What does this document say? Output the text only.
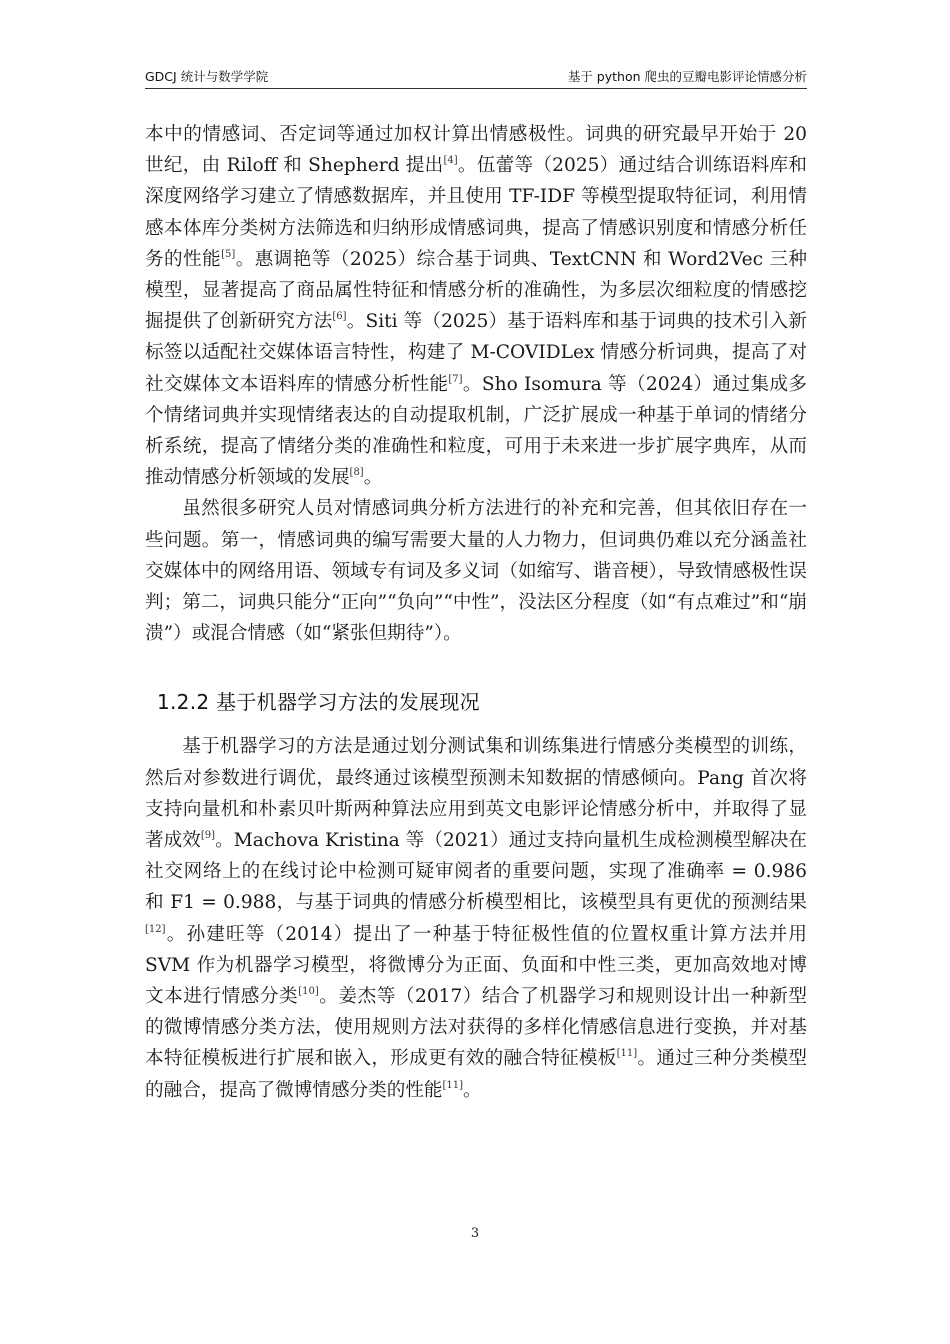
GDCJ 统计与数学学院	基于 python 爬虫的豆瓣电影评论情感分析

本中的情感词、否定词等通过加权计算出情感极性。词典的研究最早开始于 20 世纪，由 Riloff 和 Shepherd 提出[4]。伍蕾等（2025）通过结合训练语料库和深度网络学习建立了情感数据库，并且使用 TF-IDF 等模型提取特征词，利用情感本体库分类树方法筛选和归纳形成情感词典，提高了情感识别度和情感分析任务的性能[5]。惠调艳等（2025）综合基于词典、TextCNN 和 Word2Vec 三种模型，显著提高了商品属性特征和情感分析的准确性，为多层次细粒度的情感挖掘提供了创新研究方法[6]。Siti 等（2025）基于语料库和基于词典的技术引入新标签以适配社交媒体语言特性，构建了 M-COVIDLex 情感分析词典，提高了对社交媒体文本语料库的情感分析性能[7]。Sho Isomura 等（2024）通过集成多个情绪词典并实现情绪表达的自动提取机制，广泛扩展成一种基于单词的情绪分析系统，提高了情绪分类的准确性和粒度，可用于未来进一步扩展字典库，从而推动情感分析领域的发展[8]。

虽然很多研究人员对情感词典分析方法进行的补充和完善，但其依旧存在一些问题。第一，情感词典的编写需要大量的人力物力，但词典仍难以充分涵盖社交媒体中的网络用语、领域专有词及多义词（如缩写、谐音梗），导致情感极性误判；第二，词典只能分“正向”“负向”“中性”，没法区分程度（如“有点难过”和“崩溃”）或混合情感（如“紧张但期待”）。

1.2.2 基于机器学习方法的发展现况

基于机器学习的方法是通过划分测试集和训练集进行情感分类模型的训练，然后对参数进行调优，最终通过该模型预测未知数据的情感倾向。Pang 首次将支持向量机和朴素贝叶斯两种算法应用到英文电影评论情感分析中，并取得了显著成效[9]。Machova Kristina 等（2021）通过支持向量机生成检测模型解决在社交网络上的在线讨论中检测可疑审阅者的重要问题，实现了准确率 = 0.986 和 F1 = 0.988，与基于词典的情感分析模型相比，该模型具有更优的预测结果[12]。孙建旺等（2014）提出了一种基于特征极性值的位置权重计算方法并用 SVM 作为机器学习模型，将微博分为正面、负面和中性三类，更加高效地对博文本进行情感分类[10]。姜杰等（2017）结合了机器学习和规则设计出一种新型的微博情感分类方法，使用规则方法对获得的多样化情感信息进行变换，并对基本特征模板进行扩展和嵌入，形成更有效的融合特征模板[11]。通过三种分类模型的融合，提高了微博情感分类的性能[11]。

3
